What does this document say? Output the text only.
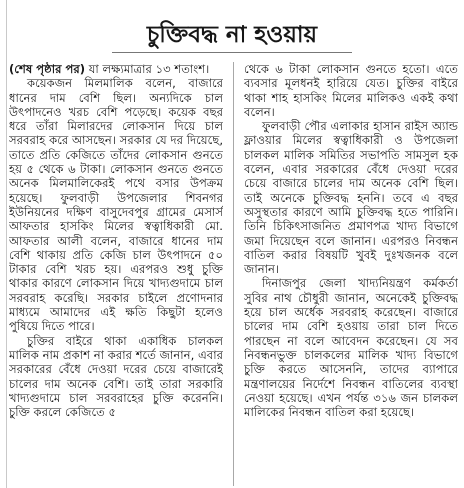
চুক্তিবদ্ধ না হওয়ায়

(শেষ পৃষ্ঠার পর) যা লক্ষ্যমাত্রার ১৩ শতাংশ।

কয়েকজন মিলমালিক বলেন, বাজারে ধানের দাম বেশি ছিল। অন্যদিকে চাল উৎপাদনেও খরচ বেশি পড়েছে। কয়েক বছর ধরে তাঁরা মিলারদের লোকসান দিয়ে চাল সরবরাহ করে আসছেন। সরকার যে দর দিয়েছে, তাতে প্রতি কেজিতে তাঁদের লোকসান গুনতে হয় ৫ থেকে ৬ টাকা। লোকসান গুনতে গুনতে অনেক মিলমালিকেরই পথে বসার উপক্রম হয়েছে। ফুলবাড়ী উপজেলার শিবনগর ইউনিয়নের দক্ষিণ বাসুদেবপুর গ্রামের মেসার্স আফতার হাসকিং মিলের স্বত্বাধিকারী মো. আফতার আলী বলেন, বাজারে ধানের দাম বেশি থাকায় প্রতি কেজি চাল উৎপাদনে ৫০ টাকার বেশি খরচ হয়। এরপরও শুধু চুক্তি থাকার কারণে লোকসান দিয়ে খাদ্যগুদামে চাল সরবরাহ করেছি। সরকার চাইলে প্রণোদনার মাধ্যমে আমাদের এই ক্ষতি কিছুটা হলেও পুষিয়ে দিতে পারে।

চুক্তির বাইরে থাকা একাধিক চালকল মালিক নাম প্রকাশ না করার শর্তে জানান, এবার সরকারের বেঁধে দেওয়া দরের চেয়ে বাজারেই চালের দাম অনেক বেশি। তাই তারা সরকারি খাদ্যগুদামে চাল সরবরাহের চুক্তি করেননি। চুক্তি করলে কেজিতে ৫

থেকে ৬ টাকা লোকসান গুনতে হতো। এতে ব্যবসার মূলধনই হারিয়ে যেত। চুক্তির বাইরে থাকা শাহ হাসকিং মিলের মালিকও একই কথা বলেন।

ফুলবাড়ী পৌর এলাকার হাসান রাইস অ্যান্ড ফ্লাওয়ার মিলের স্বত্বাধিকারী ও উপজেলা চালকল মালিক সমিতির সভাপতি সামসুল হক বলেন, এবার সরকারের বেঁধে দেওয়া দরের চেয়ে বাজারে চালের দাম অনেক বেশি ছিল। তাই অনেকে চুক্তিবদ্ধ হননি। তবে এ বছর অসুস্থতার কারণে আমি চুক্তিবদ্ধ হতে পারিনি। তিনি চিকিৎসাজনিত প্রমাণপত্র খাদ্য বিভাগে জমা দিয়েছেন বলে জানান। এরপরও নিবন্ধন বাতিল করার বিষয়টি খুবই দুঃখজনক বলে জানান।

দিনাজপুর জেলা খাদ্যনিয়ন্ত্রণ কর্মকর্তা সুবির নাথ চৌধুরী জানান, অনেকেই চুক্তিবদ্ধ হয়ে চাল অর্ধেক সরবরাহ করেছেন। বাজারে চালের দাম বেশি হওয়ায় তারা চাল দিতে পারছেন না বলে আবেদন করেছেন। যে সব নিবন্ধনভুক্ত চালকলের মালিক খাদ্য বিভাগে চুক্তি করতে আসেননি, তাদের ব্যাপারে মন্ত্রণালয়ের নির্দেশে নিবন্ধন বাতিলের ব্যবস্থা নেওয়া হয়েছে। এখন পর্যন্ত ৩১৬ জন চালকল মালিকের নিবন্ধন বাতিল করা হয়েছে।
